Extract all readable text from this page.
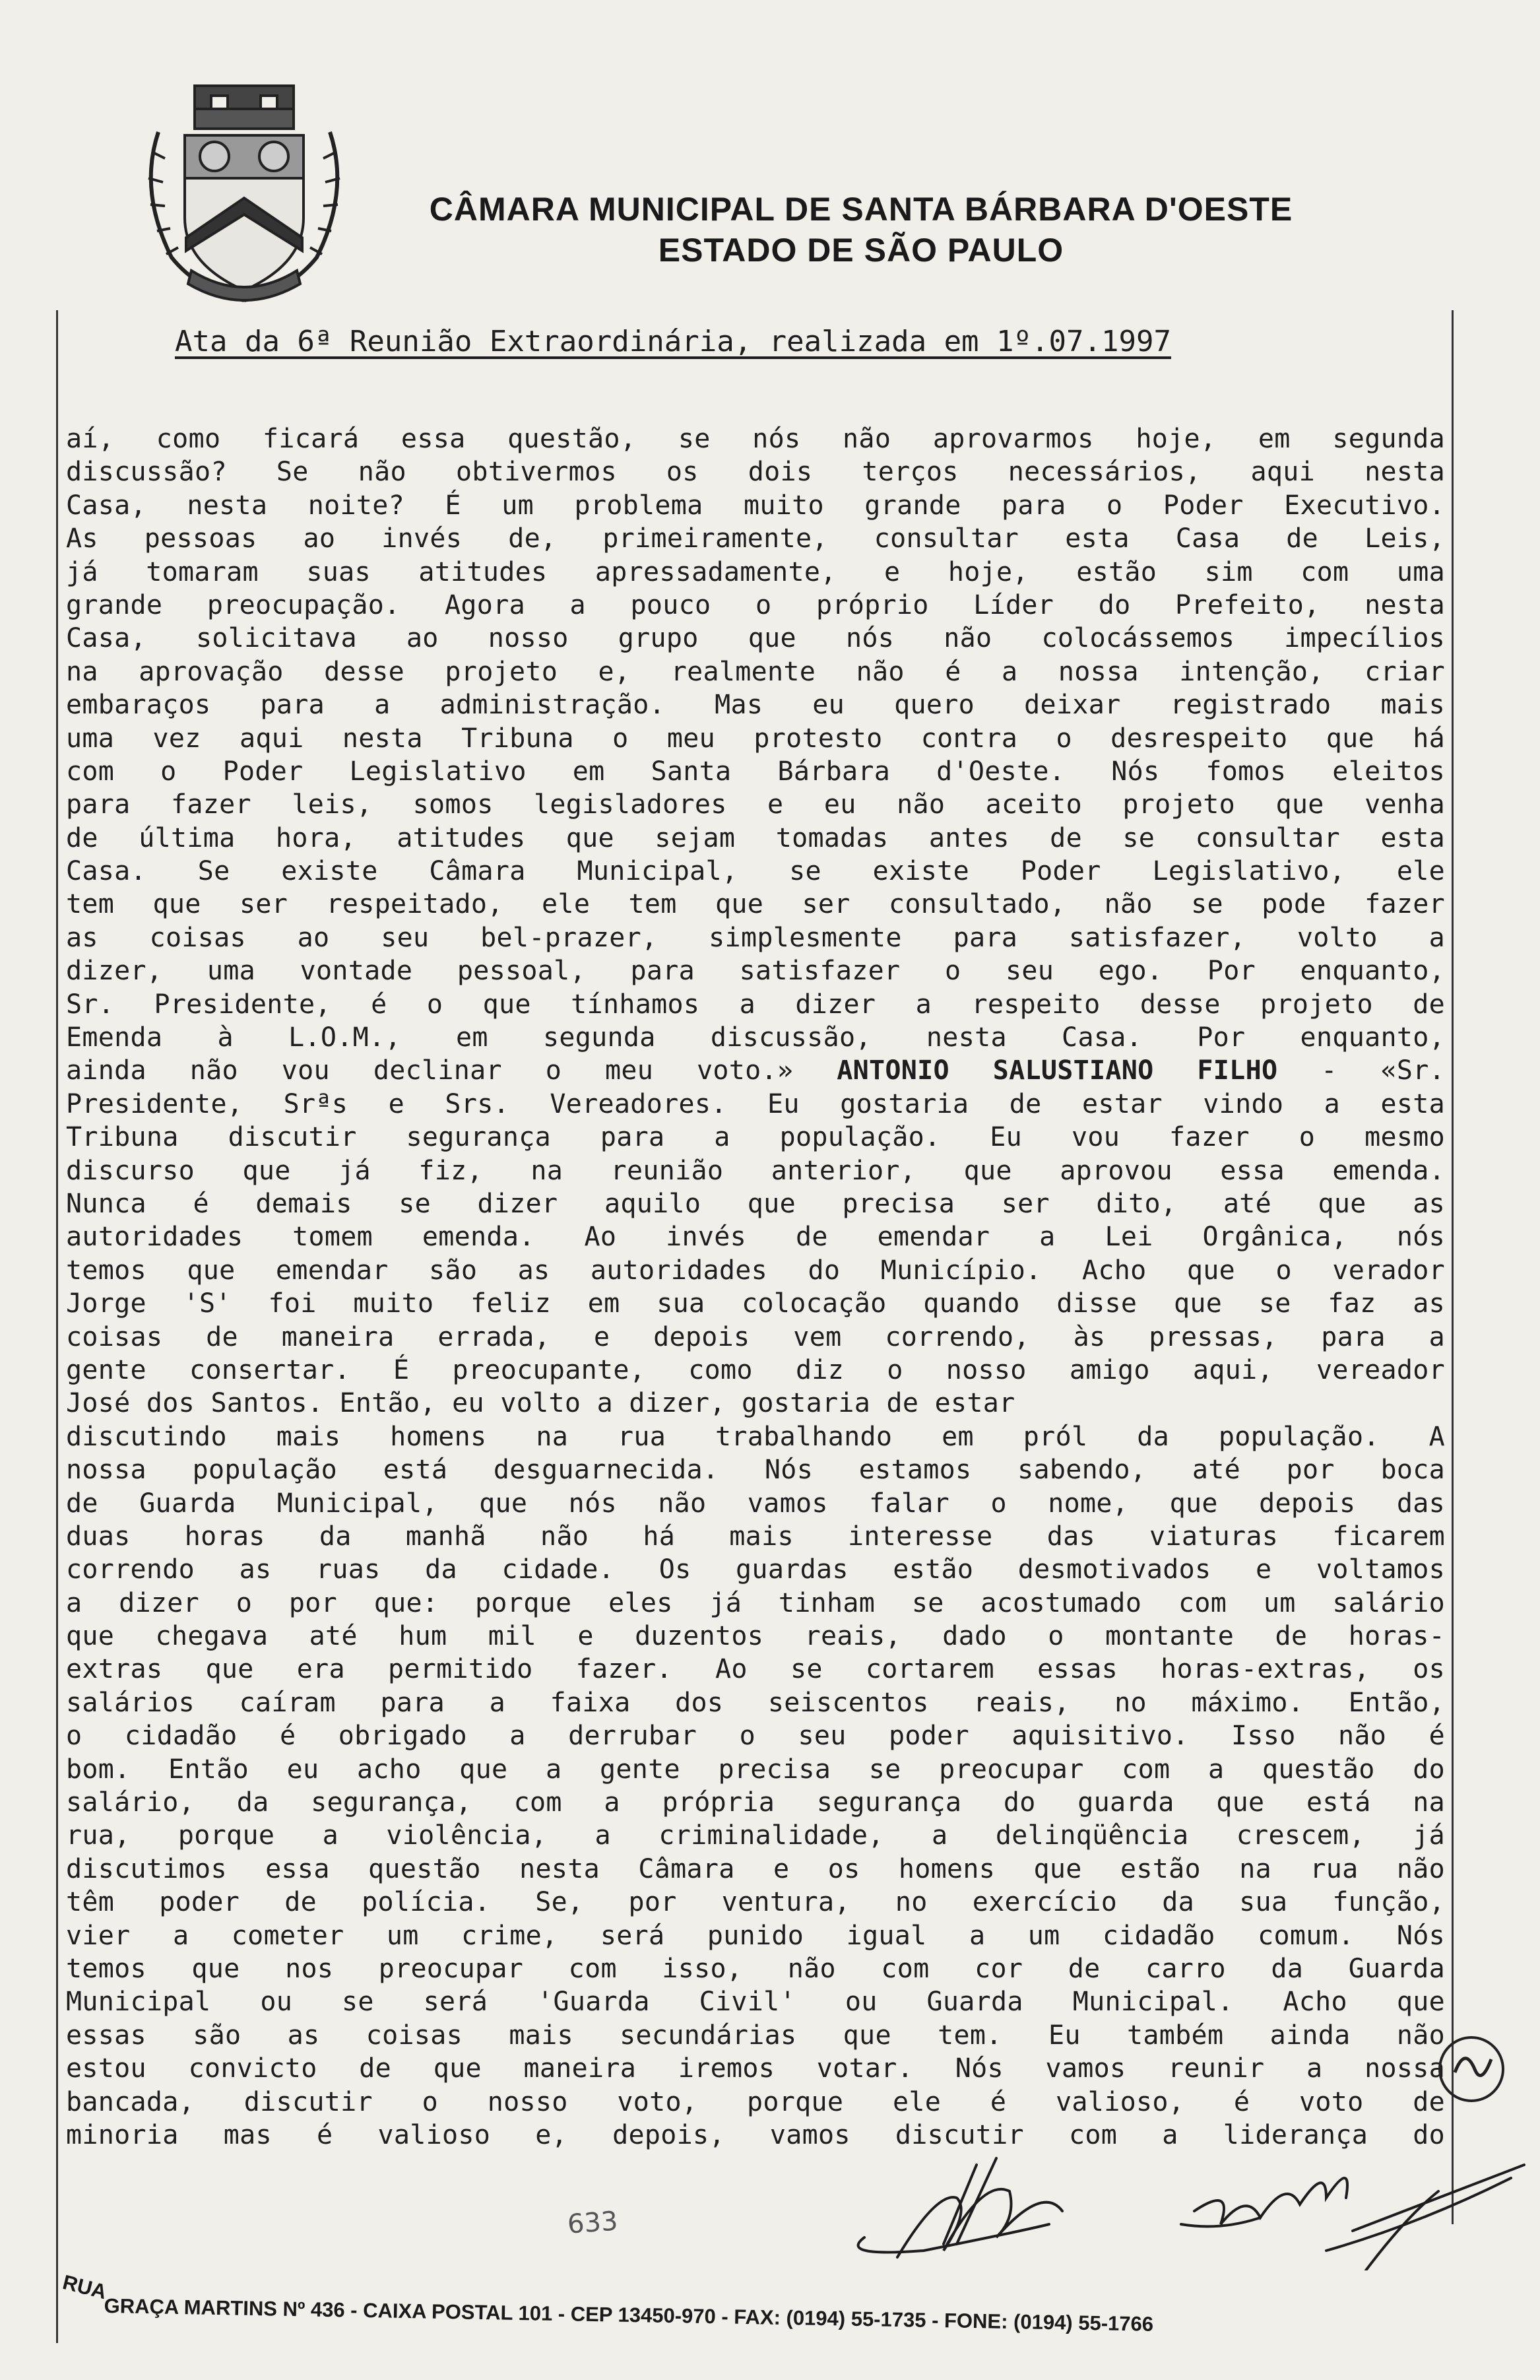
CÂMARA MUNICIPAL DE SANTA BÁRBARA D'OESTE
ESTADO DE SÃO PAULO
Ata da 6ª Reunião Extraordinária, realizada em 1º.07.1997
aí, como ficará essa questão, se nós não aprovarmos hoje, em segunda
discussão? Se não obtivermos os dois terços necessários, aqui nesta
Casa, nesta noite? É um problema muito grande para o Poder Executivo.
As pessoas ao invés de, primeiramente, consultar esta Casa de Leis,
já tomaram suas atitudes apressadamente, e hoje, estão sim com uma
grande preocupação. Agora a pouco o próprio Líder do Prefeito, nesta
Casa, solicitava ao nosso grupo que nós não colocássemos impecílios
na aprovação desse projeto e, realmente não é a nossa intenção, criar
embaraços para a administração. Mas eu quero deixar registrado mais
uma vez aqui nesta Tribuna o meu protesto contra o desrespeito que há
com o Poder Legislativo em Santa Bárbara d'Oeste. Nós fomos eleitos
para fazer leis, somos legisladores e eu não aceito projeto que venha
de última hora, atitudes que sejam tomadas antes de se consultar esta
Casa. Se existe Câmara Municipal, se existe Poder Legislativo, ele
tem que ser respeitado, ele tem que ser consultado, não se pode fazer
as coisas ao seu bel-prazer, simplesmente para satisfazer, volto a
dizer, uma vontade pessoal, para satisfazer o seu ego. Por enquanto,
Sr. Presidente, é o que tínhamos a dizer a respeito desse projeto de
Emenda à L.O.M., em segunda discussão, nesta Casa. Por enquanto,
ainda não vou declinar o meu voto.» ANTONIO SALUSTIANO FILHO - «Sr.
Presidente, Srªs e Srs. Vereadores. Eu gostaria de estar vindo a esta
Tribuna discutir segurança para a população. Eu vou fazer o mesmo
discurso que já fiz, na reunião anterior, que aprovou essa emenda.
Nunca é demais se dizer aquilo que precisa ser dito, até que as
autoridades tomem emenda. Ao invés de emendar a Lei Orgânica, nós
temos que emendar são as autoridades do Município. Acho que o verador
Jorge 'S' foi muito feliz em sua colocação quando disse que se faz as
coisas de maneira errada, e depois vem correndo, às pressas, para a
gente consertar. É preocupante, como diz o nosso amigo aqui, vereador
José dos Santos. Então, eu volto a dizer, gostaria de estar
discutindo mais homens na rua trabalhando em pról da população. A
nossa população está desguarnecida. Nós estamos sabendo, até por boca
de Guarda Municipal, que nós não vamos falar o nome, que depois das
duas horas da manhã não há mais interesse das viaturas ficarem
correndo as ruas da cidade. Os guardas estão desmotivados e voltamos
a dizer o por que: porque eles já tinham se acostumado com um salário
que chegava até hum mil e duzentos reais, dado o montante de horas-
extras que era permitido fazer. Ao se cortarem essas horas-extras, os
salários caíram para a faixa dos seiscentos reais, no máximo. Então,
o cidadão é obrigado a derrubar o seu poder aquisitivo. Isso não é
bom. Então eu acho que a gente precisa se preocupar com a questão do
salário, da segurança, com a própria segurança do guarda que está na
rua, porque a violência, a criminalidade, a delinqüência crescem, já
discutimos essa questão nesta Câmara e os homens que estão na rua não
têm poder de polícia. Se, por ventura, no exercício da sua função,
vier a cometer um crime, será punido igual a um cidadão comum. Nós
temos que nos preocupar com isso, não com cor de carro da Guarda
Municipal ou se será 'Guarda Civil' ou Guarda Municipal. Acho que
essas são as coisas mais secundárias que tem. Eu também ainda não
estou convicto de que maneira iremos votar. Nós vamos reunir a nossa
bancada, discutir o nosso voto, porque ele é valioso, é voto de
minoria mas é valioso e, depois, vamos discutir com a liderança do
633
RUA
GRAÇA MARTINS Nº 436 - CAIXA POSTAL 101 - CEP 13450-970 - FAX: (0194) 55-1735 - FONE: (0194) 55-1766
